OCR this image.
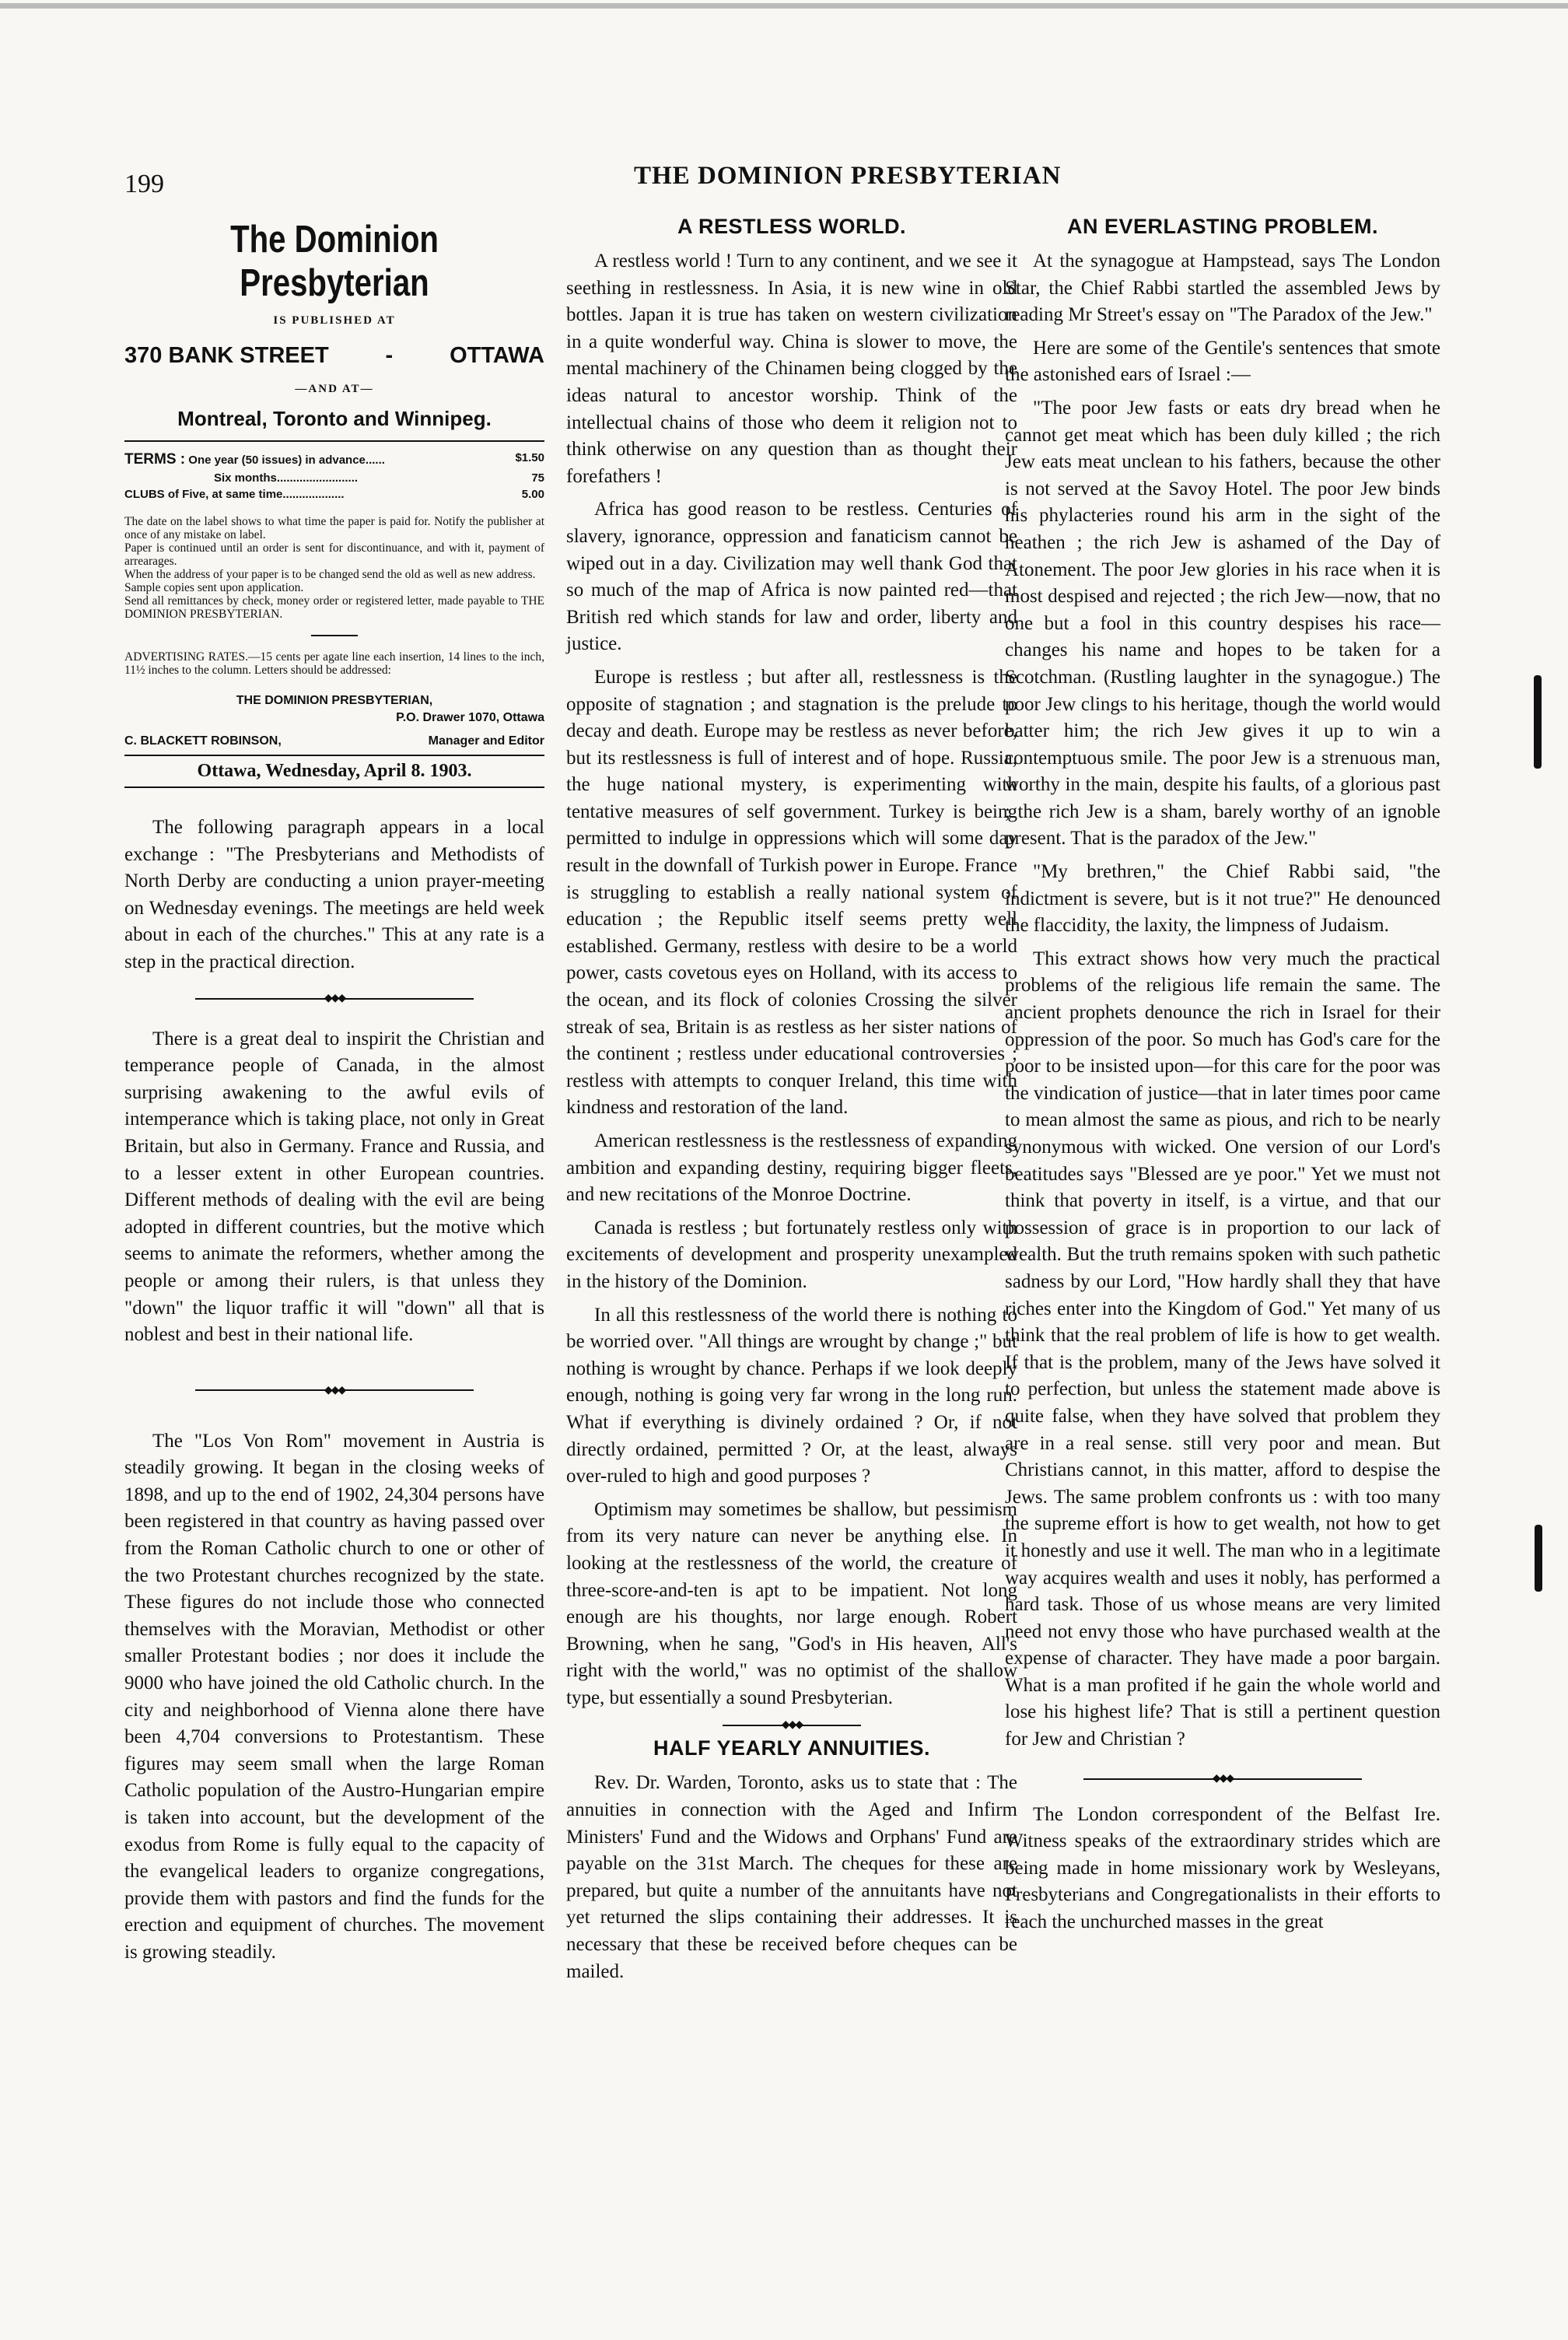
199	THE DOMINION PRESBYTERIAN
The Dominion Presbyterian
IS PUBLISHED AT
370 BANK STREET	-	OTTAWA
—AND AT—
Montreal, Toronto and Winnipeg.
TERMS : One year (50 issues) in advance......	$1.50
Six months.........................	75
CLUBS of Five, at same time...................	5.00

The date on the label shows to what time the paper is paid for. Notify the publisher at once of any mistake on label.

Paper is continued until an order is sent for discontinuance, and with it, payment of arrearages.

When the address of your paper is to be changed send the old as well as new address.

Sample copies sent upon application.

Send all remittances by check, money order or registered letter, made payable to THE DOMINION PRESBYTERIAN.

ADVERTISING RATES.—15 cents per agate line each insertion, 14 lines to the inch, 11½ inches to the column. Letters should be addressed:
THE DOMINION PRESBYTERIAN,
P.O. Drawer 1070, Ottawa
C. BLACKETT ROBINSON,	Manager and Editor
Ottawa, Wednesday, April 8. 1903.

The following paragraph appears in a local exchange : "The Presbyterians and Methodists of North Derby are conducting a union prayer-meeting on Wednesday evenings. The meetings are held week about in each of the churches." This at any rate is a step in the practical direction.

◆◆◆

There is a great deal to inspirit the Christian and temperance people of Canada, in the almost surprising awakening to the awful evils of intemperance which is taking place, not only in Great Britain, but also in Germany. France and Russia, and to a lesser extent in other European countries. Different methods of dealing with the evil are being adopted in different countries, but the motive which seems to animate the reformers, whether among the people or among their rulers, is that unless they "down" the liquor traffic it will "down" all that is noblest and best in their national life.

◆◆◆

The "Los Von Rom" movement in Austria is steadily growing. It began in the closing weeks of 1898, and up to the end of 1902, 24,304 persons have been registered in that country as having passed over from the Roman Catholic church to one or other of the two Protestant churches recognized by the state. These figures do not include those who connected themselves with the Moravian, Methodist or other smaller Protestant bodies ; nor does it include the 9000 who have joined the old Catholic church. In the city and neighborhood of Vienna alone there have been 4,704 conversions to Protestantism. These figures may seem small when the large Roman Catholic population of the Austro-Hungarian empire is taken into account, but the development of the exodus from Rome is fully equal to the capacity of the evangelical leaders to organize congregations, provide them with pastors and find the funds for the erection and equipment of churches. The movement is growing steadily.

A RESTLESS WORLD.

A restless world ! Turn to any continent, and we see it seething in restlessness. In Asia, it is new wine in old bottles. Japan it is true has taken on western civilization in a quite wonderful way. China is slower to move, the mental machinery of the Chinamen being clogged by the ideas natural to ancestor worship. Think of the intellectual chains of those who deem it religion not to think otherwise on any question than as thought their forefathers !

Africa has good reason to be restless. Centuries of slavery, ignorance, oppression and fanaticism cannot be wiped out in a day. Civilization may well thank God that so much of the map of Africa is now painted red—that British red which stands for law and order, liberty and justice.

Europe is restless ; but after all, restlessness is the opposite of stagnation ; and stagnation is the prelude to decay and death. Europe may be restless as never before, but its restlessness is full of interest and of hope. Russia, the huge national mystery, is experimenting with tentative measures of self government. Turkey is being permitted to indulge in oppressions which will some day result in the downfall of Turkish power in Europe. France is struggling to establish a really national system of education ; the Republic itself seems pretty well established. Germany, restless with desire to be a world power, casts covetous eyes on Holland, with its access to the ocean, and its flock of colonies Crossing the silver streak of sea, Britain is as restless as her sister nations of the continent ; restless under educational controversies ; restless with attempts to conquer Ireland, this time with kindness and restoration of the land.

American restlessness is the restlessness of expanding ambition and expanding destiny, requiring bigger fleets, and new recitations of the Monroe Doctrine.

Canada is restless ; but fortunately restless only with excitements of development and prosperity unexampled in the history of the Dominion.

In all this restlessness of the world there is nothing to be worried over. "All things are wrought by change ;" but nothing is wrought by chance. Perhaps if we look deeply enough, nothing is going very far wrong in the long run. What if everything is divinely ordained ? Or, if not directly ordained, permitted ? Or, at the least, always over-ruled to high and good purposes ?

Optimism may sometimes be shallow, but pessimism from its very nature can never be anything else. In looking at the restlessness of the world, the creature of three-score-and-ten is apt to be impatient. Not long enough are his thoughts, nor large enough. Robert Browning, when he sang, "God's in His heaven, All's right with the world," was no optimist of the shallow type, but essentially a sound Presbyterian.

◆◆◆
HALF YEARLY ANNUITIES.

Rev. Dr. Warden, Toronto, asks us to state that : The annuities in connection with the Aged and Infirm Ministers' Fund and the Widows and Orphans' Fund are payable on the 31st March. The cheques for these are prepared, but quite a number of the annuitants have not yet returned the slips containing their addresses. It is necessary that these be received before cheques can be mailed.

AN EVERLASTING PROBLEM.

At the synagogue at Hampstead, says The London Star, the Chief Rabbi startled the assembled Jews by reading Mr Street's essay on "The Paradox of the Jew."

Here are some of the Gentile's sentences that smote the astonished ears of Israel :—

"The poor Jew fasts or eats dry bread when he cannot get meat which has been duly killed ; the rich Jew eats meat unclean to his fathers, because the other is not served at the Savoy Hotel. The poor Jew binds his phylacteries round his arm in the sight of the heathen ; the rich Jew is ashamed of the Day of Atonement. The poor Jew glories in his race when it is most despised and rejected ; the rich Jew—now, that no one but a fool in this country despises his race—changes his name and hopes to be taken for a Scotchman. (Rustling laughter in the synagogue.) The poor Jew clings to his heritage, though the world would batter him; the rich Jew gives it up to win a contemptuous smile. The poor Jew is a strenuous man, worthy in the main, despite his faults, of a glorious past ; the rich Jew is a sham, barely worthy of an ignoble present. That is the paradox of the Jew."

"My brethren," the Chief Rabbi said, "the indictment is severe, but is it not true?" He denounced the flaccidity, the laxity, the limpness of Judaism.

This extract shows how very much the practical problems of the religious life remain the same. The ancient prophets denounce the rich in Israel for their oppression of the poor. So much has God's care for the poor to be insisted upon—for this care for the poor was the vindication of justice—that in later times poor came to mean almost the same as pious, and rich to be nearly synonymous with wicked. One version of our Lord's beatitudes says "Blessed are ye poor." Yet we must not think that poverty in itself, is a virtue, and that our possession of grace is in proportion to our lack of wealth. But the truth remains spoken with such pathetic sadness by our Lord, "How hardly shall they that have riches enter into the Kingdom of God." Yet many of us think that the real problem of life is how to get wealth. If that is the problem, many of the Jews have solved it to perfection, but unless the statement made above is quite false, when they have solved that problem they are in a real sense. still very poor and mean. But Christians cannot, in this matter, afford to despise the Jews. The same problem confronts us : with too many the supreme effort is how to get wealth, not how to get it honestly and use it well. The man who in a legitimate way acquires wealth and uses it nobly, has performed a hard task. Those of us whose means are very limited need not envy those who have purchased wealth at the expense of character. They have made a poor bargain. What is a man profited if he gain the whole world and lose his highest life? That is still a pertinent question for Jew and Christian ?

◆◆◆

The London correspondent of the Belfast Ire. Witness speaks of the extraordinary strides which are being made in home missionary work by Wesleyans, Presbyterians and Congregationalists in their efforts to reach the unchurched masses in the great
